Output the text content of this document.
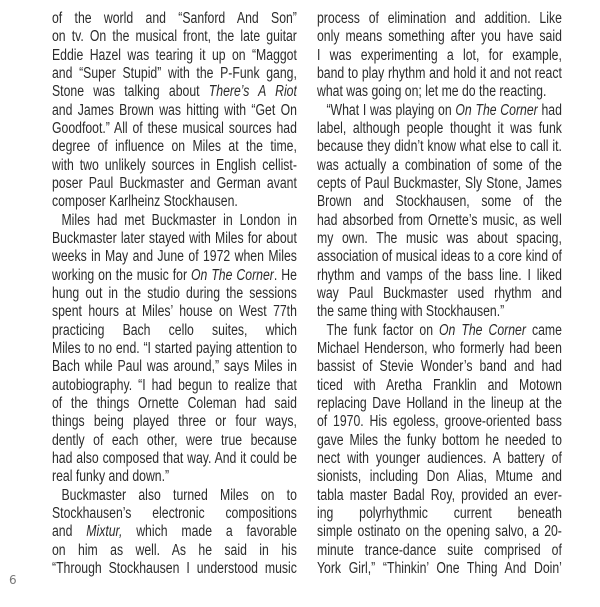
of the world and “Sanford And Son”
on tv. On the musical front, the late guitar
Eddie Hazel was tearing it up on “Maggot
and “Super Stupid” with the P-Funk gang,
Stone was talking about There’s A Riot
and James Brown was hitting with “Get On
Goodfoot.” All of these musical sources had
degree of influence on Miles at the time,
with two unlikely sources in English cellist-
poser Paul Buckmaster and German avant
composer Karlheinz Stockhausen.
Miles had met Buckmaster in London in
Buckmaster later stayed with Miles for about
weeks in May and June of 1972 when Miles
working on the music for On The Corner. He
hung out in the studio during the sessions
spent hours at Miles’ house on West 77th
practicing Bach cello suites, which
Miles to no end. “I started paying attention to
Bach while Paul was around,” says Miles in
autobiography. “I had begun to realize that
of the things Ornette Coleman had said
things being played three or four ways,
dently of each other, were true because
had also composed that way. And it could be
real funky and down.”
Buckmaster also turned Miles on to
Stockhausen’s electronic compositions
and Mixtur, which made a favorable
on him as well. As he said in his
“Through Stockhausen I understood music
process of elimination and addition. Like
only means something after you have said
I was experimenting a lot, for example,
band to play rhythm and hold it and not react
what was going on; let me do the reacting.
“What I was playing on On The Corner had
label, although people thought it was funk
because they didn’t know what else to call it.
was actually a combination of some of the
cepts of Paul Buckmaster, Sly Stone, James
Brown and Stockhausen, some of the
had absorbed from Ornette’s music, as well
my own. The music was about spacing,
association of musical ideas to a core kind of
rhythm and vamps of the bass line. I liked
way Paul Buckmaster used rhythm and
the same thing with Stockhausen.”
The funk factor on On The Corner came
Michael Henderson, who formerly had been
bassist of Stevie Wonder’s band and had
ticed with Aretha Franklin and Motown
replacing Dave Holland in the lineup at the
of 1970. His egoless, groove-oriented bass
gave Miles the funky bottom he needed to
nect with younger audiences. A battery of
sionists, including Don Alias, Mtume and
tabla master Badal Roy, provided an ever-
ing polyrhythmic current beneath
simple ostinato on the opening salvo, a 20-
minute trance-dance suite comprised of
York Girl,” “Thinkin’ One Thing And Doin’
6
